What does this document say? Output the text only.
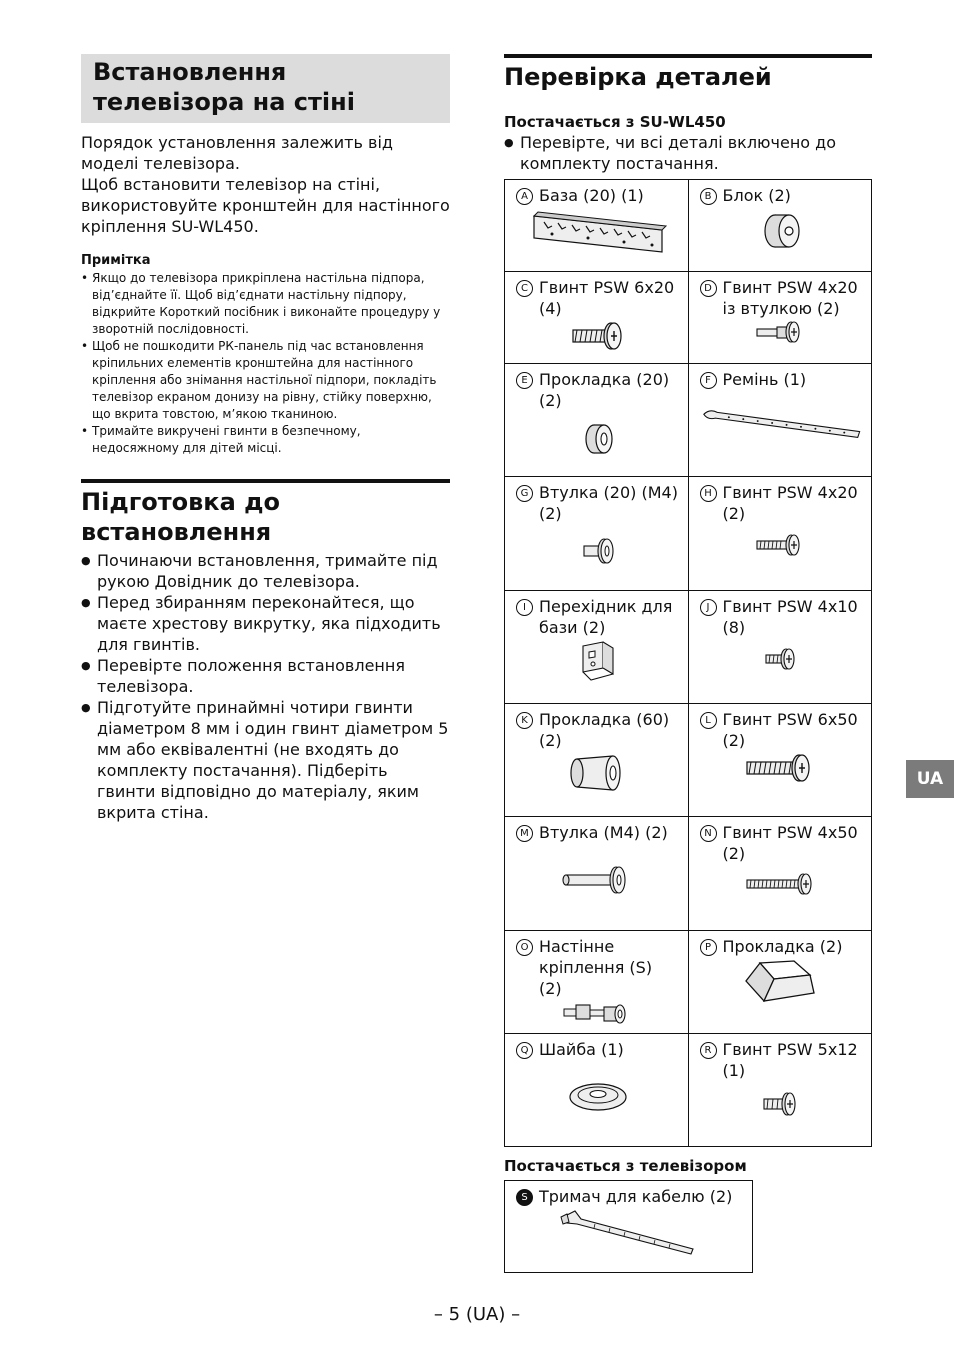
Встановлення телевізора на стіні

Порядок установлення залежить від моделі телевізора.

Щоб встановити телевізор на стіні, використовуйте кронштейн для настінного кріплення SU-WL450.

Примітка
• Якщо до телевізора прикріплена настільна підпора, від’єднайте її. Щоб від’єднати настільну підпору, відкрийте Короткий посібник і виконайте процедуру у зворотній послідовності.
• Щоб не пошкодити РК-панель під час встановлення кріпильних елементів кронштейна для настінного кріплення або знімання настільної підпори, покладіть телевізор екраном донизу на рівну, стійку поверхню, що вкрита товстою, м’якою тканиною.
• Тримайте викручені гвинти в безпечному, недосяжному для дітей місці.
Підготовка до встановлення
● Починаючи встановлення, тримайте під рукою Довідник до телевізора.
● Перед збиранням переконайтеся, що маєте хрестову викрутку, яка підходить для гвинтів.
● Перевірте положення встановлення телевізора.
● Підготуйте принаймні чотири гвинти діаметром 8 мм і один гвинт діаметром 5 мм або еквівалентні (не входять до комплекту постачання). Підберіть гвинти відповідно до матеріалу, яким вкрита стіна.
Перевірка деталей
Постачається з SU-WL450
● Перевірте, чи всі деталі включено до комплекту постачання.
A База (20) (1)	B Блок (2)

C Гвинт PSW 6x20 (4)	D Гвинт PSW 4x20 із втулкою (2)

E Прокладка (20) (2)	F Ремінь (1)

G Втулка (20) (M4) (2)	H Гвинт PSW 4x20 (2)

I Перехідник для бази (2)	J Гвинт PSW 4x10 (8)

K Прокладка (60) (2)	L Гвинт PSW 6x50 (2)

M Втулка (M4) (2)	N Гвинт PSW 4x50 (2)

O Настінне кріплення (S) (2)	P Прокладка (2)

Q Шайба (1)	R Гвинт PSW 5x12 (1)
Постачається з телевізором
S Тримач для кабелю (2)
UA
– 5 (UA) –
